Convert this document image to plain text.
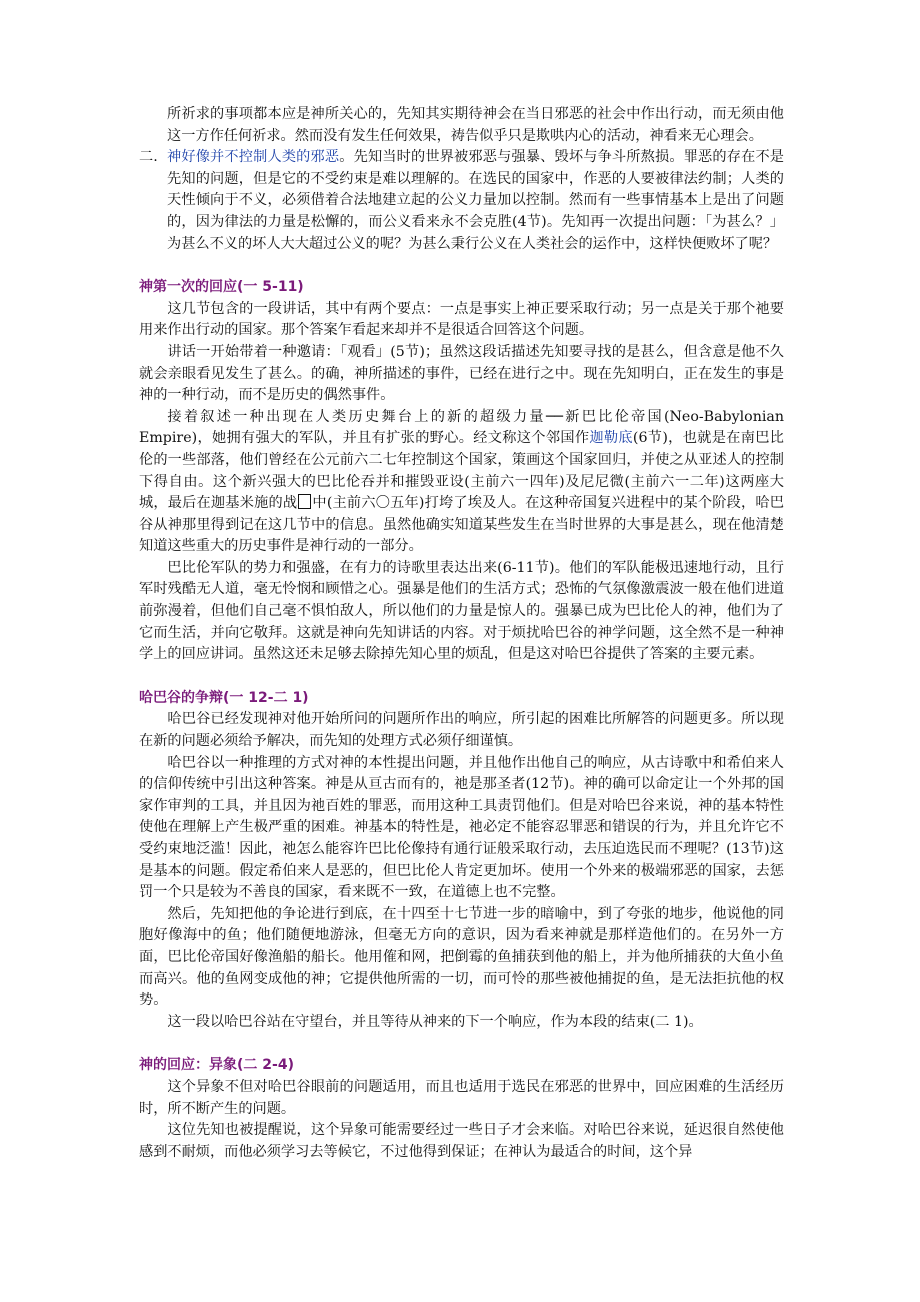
所祈求的事项都本应是神所关心的，先知其实期待神会在当日邪恶的社会中作出行动，而无须由他这一方作任何祈求。然而没有发生任何效果，祷告似乎只是欺哄内心的活动，神看来无心理会。

二. 神好像并不控制人类的邪恶。先知当时的世界被邪恶与强暴、毁坏与争斗所熬损。罪恶的存在不是先知的问题，但是它的不受约束是难以理解的。在选民的国家中，作恶的人要被律法约制；人类的天性倾向于不义，必须借着合法地建立起的公义力量加以控制。然而有一些事情基本上是出了问题的，因为律法的力量是松懈的，而公义看来永不会克胜(4节)。先知再一次提出问题：「为甚么？」为甚么不义的坏人大大超过公义的呢？为甚么秉行公义在人类社会的运作中，这样快便败坏了呢？

神第一次的回应(一 5-11)

这几节包含的一段讲话，其中有两个要点：一点是事实上神正要采取行动；另一点是关于那个祂要用来作出行动的国家。那个答案乍看起来却并不是很适合回答这个问题。

讲话一开始带着一种邀请：「观看」(5节)；虽然这段话描述先知要寻找的是甚么，但含意是他不久就会亲眼看见发生了甚么。的确，神所描述的事件，已经在进行之中。现在先知明白，正在发生的事是神的一种行动，而不是历史的偶然事件。

接着叙述一种出现在人类历史舞台上的新的超级力量──新巴比伦帝国(Neo-Babylonian Empire)，她拥有强大的军队，并且有扩张的野心。经文称这个邻国作迦勒底(6节)，也就是在南巴比伦的一些部落，他们曾经在公元前六二七年控制这个国家，策画这个国家回归，并使之从亚述人的控制下得自由。这个新兴强大的巴比伦吞并和摧毁亚设(主前六一四年)及尼尼微(主前六一二年)这两座大城，最后在迦基米施的战 中(主前六〇五年)打垮了埃及人。在这种帝国复兴进程中的某个阶段，哈巴谷从神那里得到记在这几节中的信息。虽然他确实知道某些发生在当时世界的大事是甚么，现在他清楚知道这些重大的历史事件是神行动的一部分。

巴比伦军队的势力和强盛，在有力的诗歌里表达出来(6-11节)。他们的军队能极迅速地行动，且行军时残酷无人道，毫无怜悯和顾惜之心。强暴是他们的生活方式；恐怖的气氛像激震波一般在他们进道前弥漫着，但他们自己毫不惧怕敌人，所以他们的力量是惊人的。强暴已成为巴比伦人的神，他们为了它而生活，并向它敬拜。这就是神向先知讲话的内容。对于烦扰哈巴谷的神学问题，这全然不是一种神学上的回应讲词。虽然这还未足够去除掉先知心里的烦乱，但是这对哈巴谷提供了答案的主要元素。

哈巴谷的争辩(一 12-二 1)

哈巴谷已经发现神对他开始所问的问题所作出的响应，所引起的困难比所解答的问题更多。所以现在新的问题必须给予解决，而先知的处理方式必须仔细谨慎。

哈巴谷以一种推理的方式对神的本性提出问题，并且他作出他自己的响应，从古诗歌中和希伯来人的信仰传统中引出这种答案。神是从亘古而有的，祂是那圣者(12节)。神的确可以命定让一个外邦的国家作审判的工具，并且因为祂百姓的罪恶，而用这种工具责罚他们。但是对哈巴谷来说，神的基本特性使他在理解上产生极严重的困难。神基本的特性是，祂必定不能容忍罪恶和错误的行为，并且允许它不受约束地泛滥！因此，祂怎么能容许巴比伦像持有通行证般采取行动，去压迫选民而不理呢？(13节)这是基本的问题。假定希伯来人是恶的，但巴比伦人肯定更加坏。使用一个外来的极端邪恶的国家，去惩罚一个只是较为不善良的国家，看来既不一致，在道德上也不完整。

然后，先知把他的争论进行到底，在十四至十七节进一步的暗喻中，到了夸张的地步，他说他的同胞好像海中的鱼；他们随便地游泳，但毫无方向的意识，因为看来神就是那样造他们的。在另外一方面，巴比伦帝国好像渔船的船长。他用傕和网，把倒霉的鱼捕获到他的船上，并为他所捕获的大鱼小鱼而高兴。他的鱼网变成他的神；它提供他所需的一切，而可怜的那些被他捕捉的鱼，是无法拒抗他的权势。

这一段以哈巴谷站在守望台，并且等待从神来的下一个响应，作为本段的结束(二 1)。

神的回应：异象(二 2-4)

这个异象不但对哈巴谷眼前的问题适用，而且也适用于选民在邪恶的世界中，回应困难的生活经历时，所不断产生的问题。

这位先知也被提醒说，这个异象可能需要经过一些日子才会来临。对哈巴谷来说，延迟很自然使他感到不耐烦，而他必须学习去等候它，不过他得到保证；在神认为最适合的时间，这个异
